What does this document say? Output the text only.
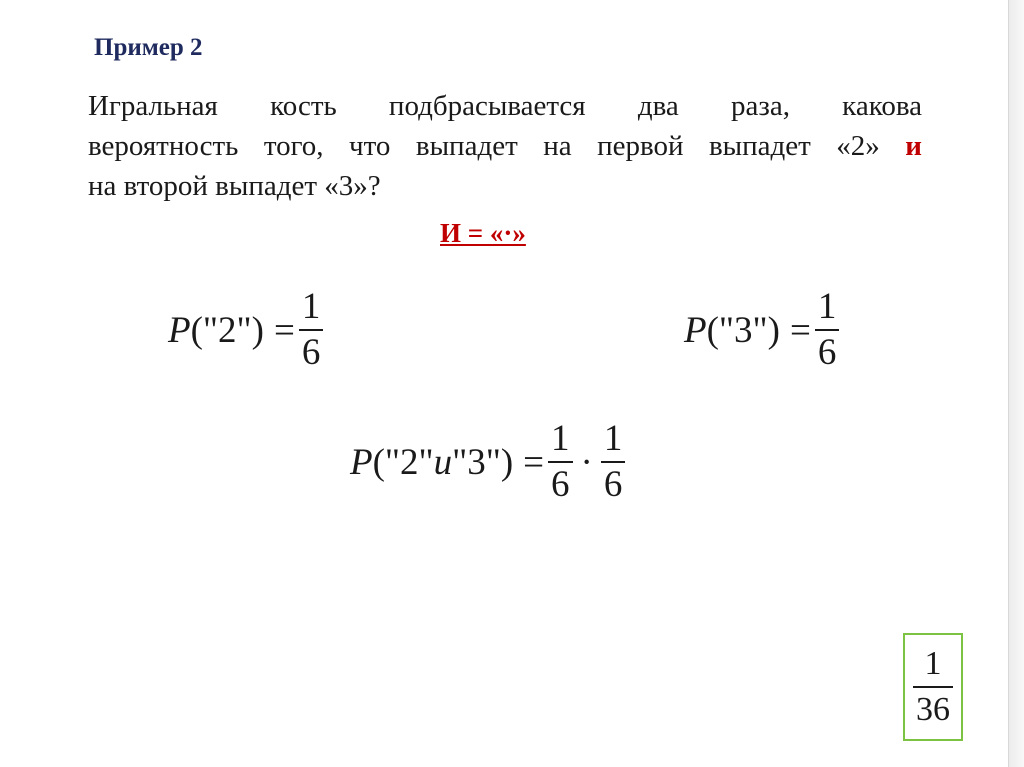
Пример 2
Игральная кость подбрасывается два раза, какова
вероятность того, что выпадет на первой выпадет «2» и
на второй выпадет «3»?
И = «·»
P ("2") = $\frac{1}{6}$	P ("3") = $\frac{1}{6}$
P ("2" и "3") = $\frac{1}{6} \cdot \frac{1}{6}$
$\frac{1}{36}$
